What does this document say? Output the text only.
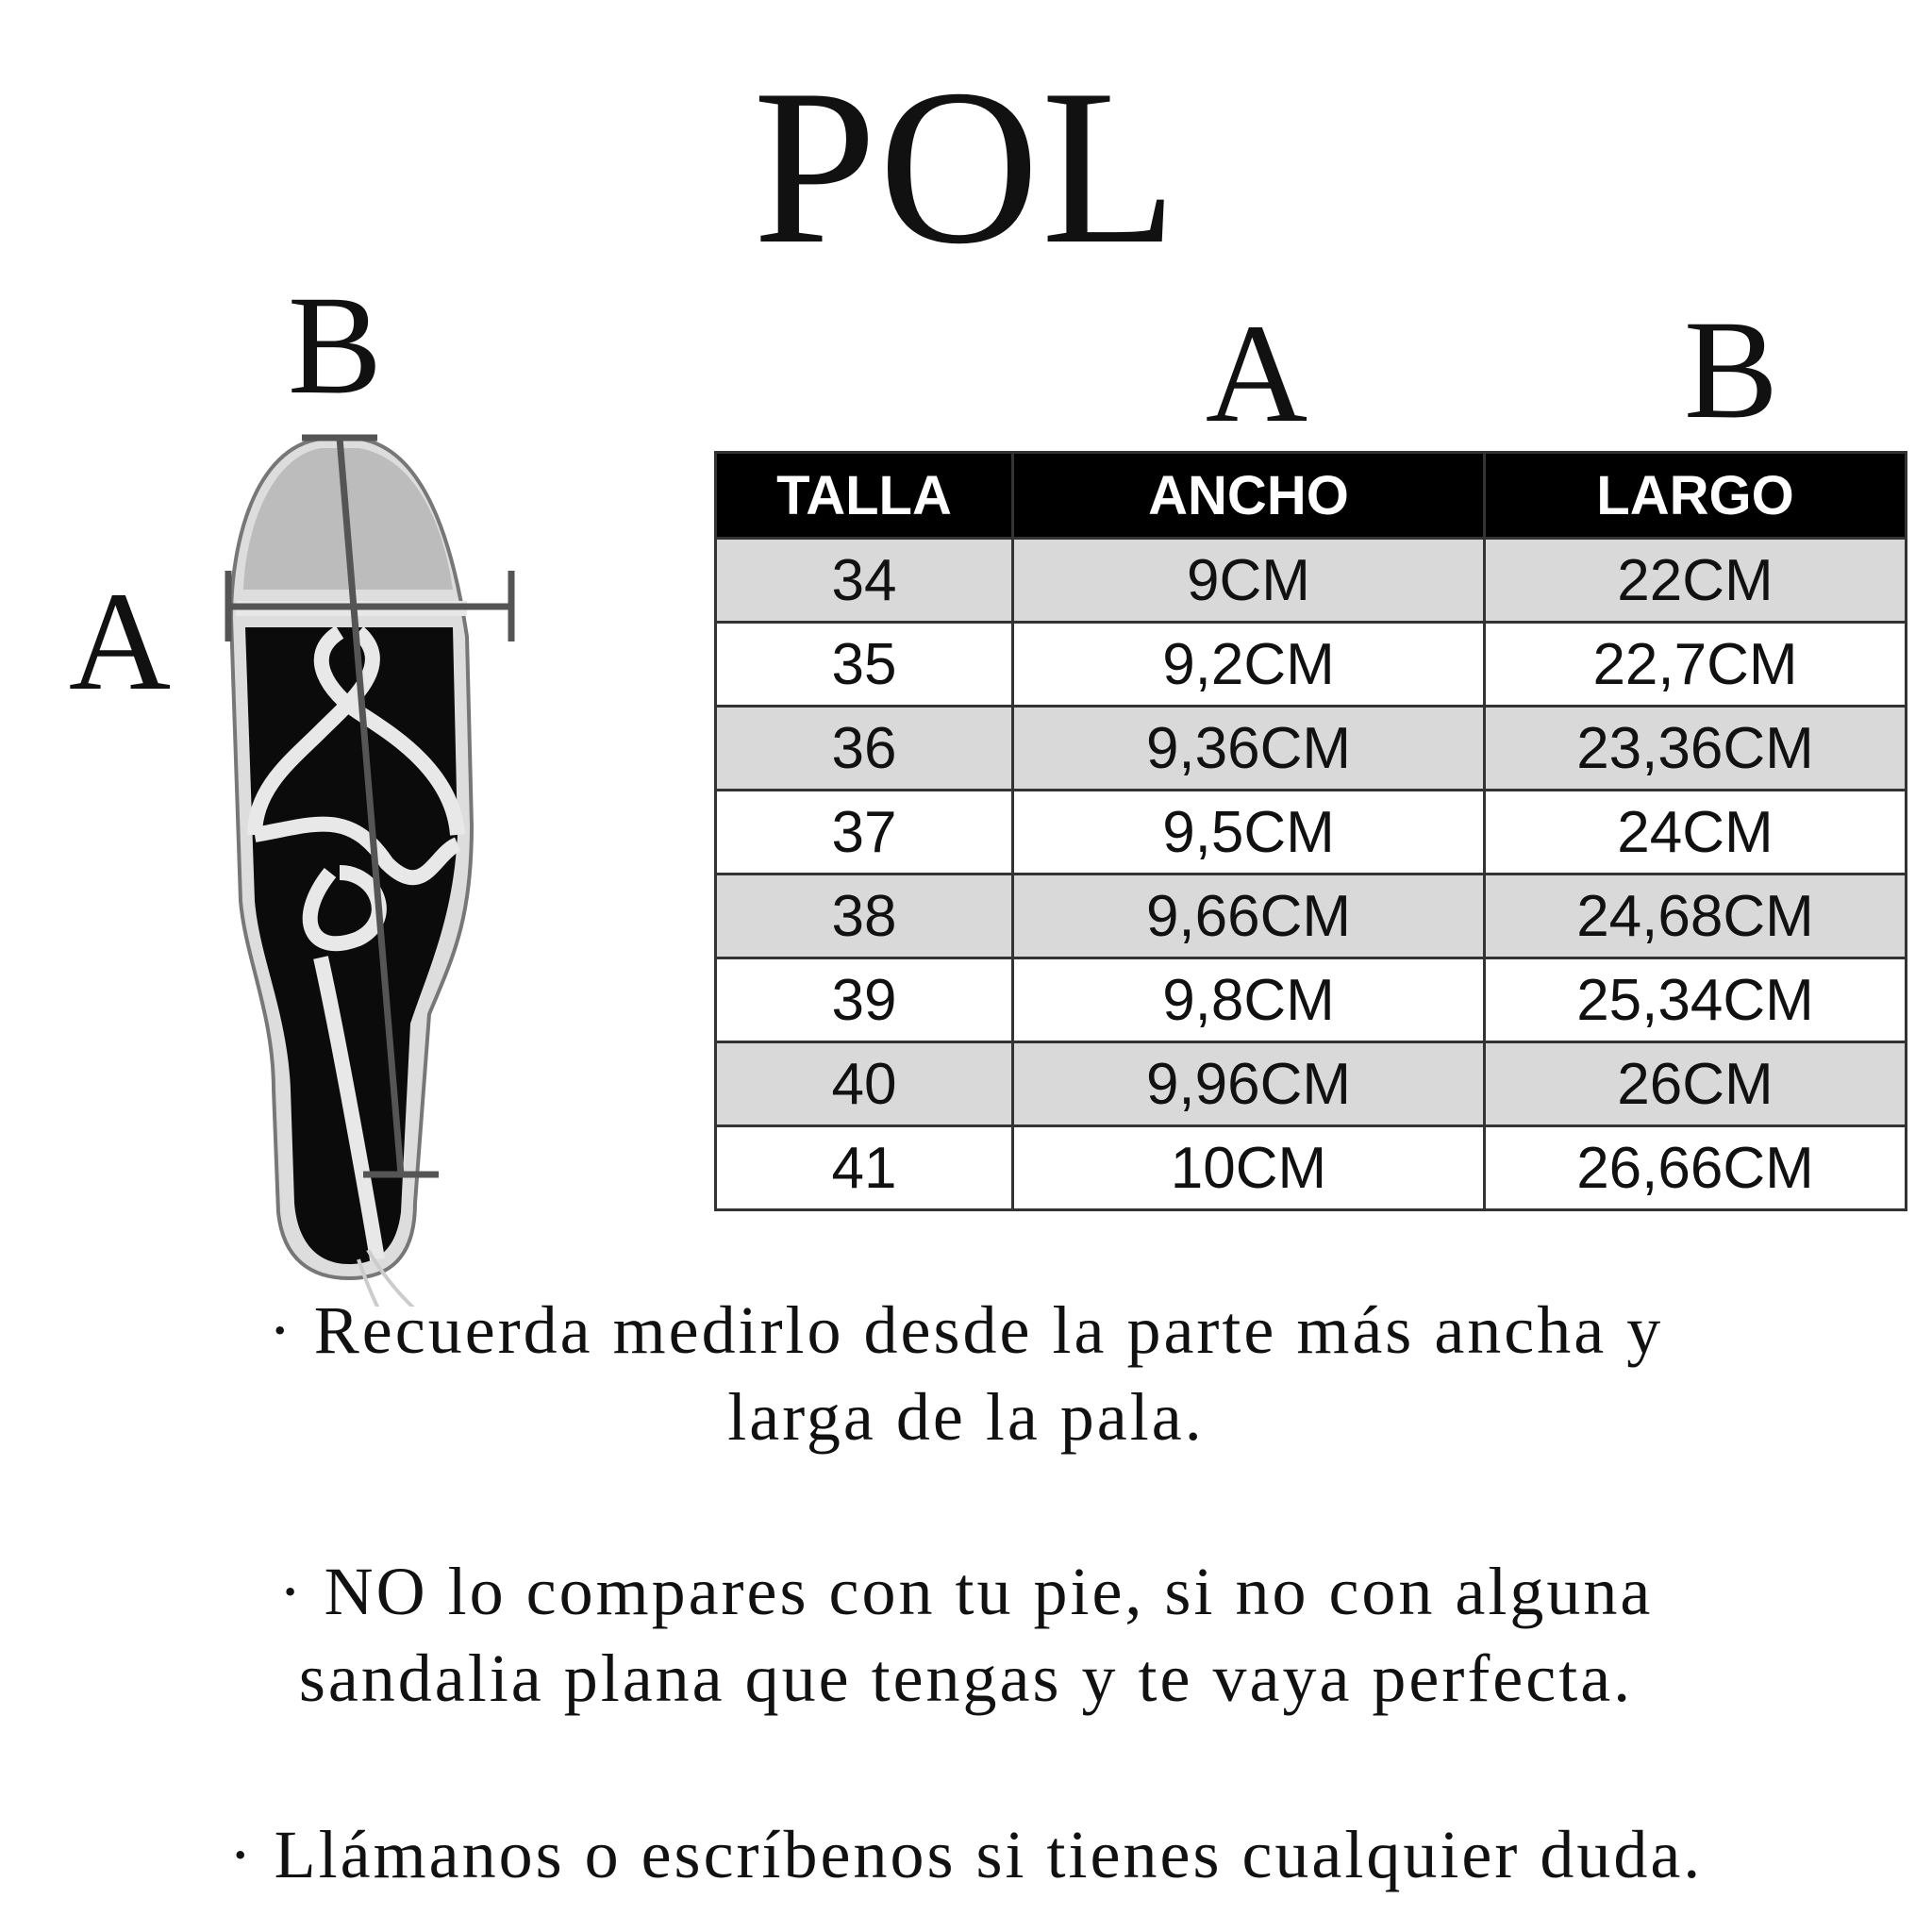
POL
B
A
A	B
TALLA	ANCHO	LARGO
34	9CM	22CM
35	9,2CM	22,7CM
36	9,36CM	23,36CM
37	9,5CM	24CM
38	9,66CM	24,68CM
39	9,8CM	25,34CM
40	9,96CM	26CM
41	10CM	26,66CM
· Recuerda medirlo desde la parte más ancha y
larga de la pala.
· NO lo compares con tu pie, si no con alguna
sandalia plana que tengas y te vaya perfecta.
· Llámanos o escríbenos si tienes cualquier duda.
